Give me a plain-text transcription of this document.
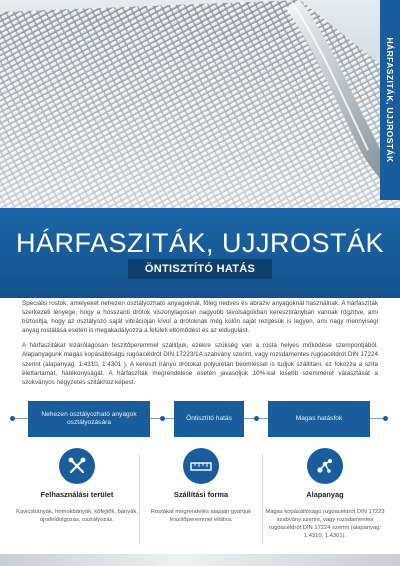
HÁRFASZITÁK, UJJROSTÁK
HÁRFASZITÁK, UJJROSTÁK
ÖNTISZTÍTÓ HATÁS

Speciális rostok, amelyeket nehezen osztályozható anyagoknál, főleg nedves és abraziv anyagoknál használnak. A hárfaszíták szerkezeti lényege, hogy a hosszanti drótok viszonylagosan nagyobb távolságokban keresztirányban vannak rögzítve, ami biztosítja, hogy az osztályozó saját vibrációján kívül a drótoknak még külön saját rezgésük is legyen, ami nagy mennyiségi anyag rostálása esetén is megakadályozza a felületi eltömődést és az eldugulást.

A hárfaszitákat kizárólagosan feszítőperemmel szállítjuk, ezekre szükség van a rosta helyes működése szempontjából. Alapanyagunk magas kopásállóságú rugóacéldrót DIN 17223/1A szabvány szerint, vagy rozsdamentes rugóacéldrót DIN 17224 szerint (alapanyag: 1.4310, 1.4301 ). A kereszt irányú drótokat polyuretán beömléssel is tudjuk szállítani, ez fokozza a szíta élettartamát, hatékonyságát. A hárfaszíták megrendelése esetén javasoljuk 10%-kal kisebb szemméret választását a szokványos négyzetes szitákhoz képest.

Nehezen osztályozható anyagok osztályozására
Öntisztító hatás	Magas hatásfok
Felhasználási terület

Kavicsbányák, homokbányák, kőfejtők, bányák, újrafeldolgozás, osztályozás.

Szállítási forma

Rostákat megrendelés alapján gyártjuk feszítőperemmel ellátva.

Alapanyag

Magas kopásállóságú rugóacéldrót DIN 17223 szabvány szerint, vagy rozsdamentes rugóacéldrót DIN 17224 szerint (alapanyag: 1.4310, 1.4301).
